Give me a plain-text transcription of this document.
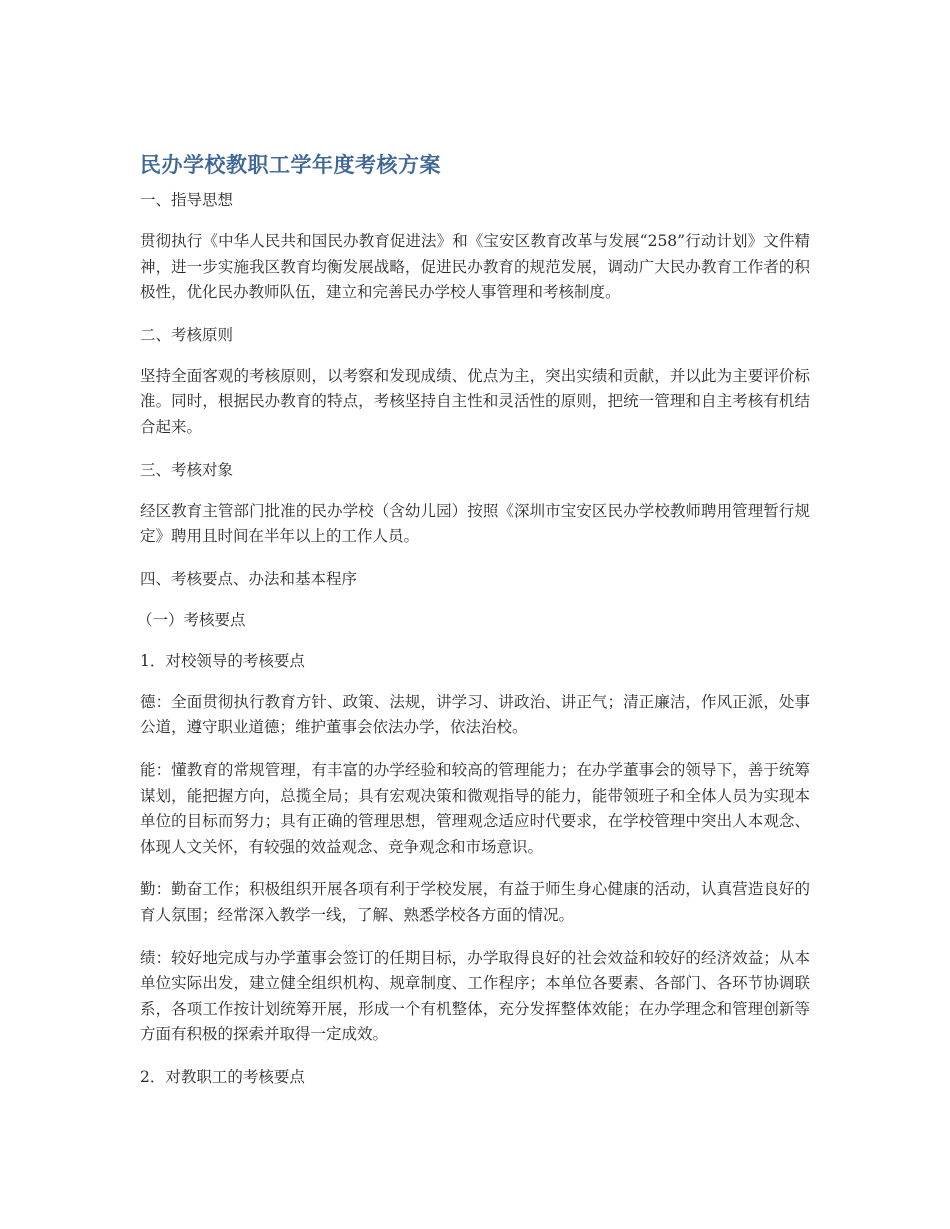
民办学校教职工学年度考核方案
一、指导思想

贯彻执行《中华人民共和国民办教育促进法》和《宝安区教育改革与发展“258”行动计划》文件精神，进一步实施我区教育均衡发展战略，促进民办教育的规范发展，调动广大民办教育工作者的积极性，优化民办教师队伍，建立和完善民办学校人事管理和考核制度。

二、考核原则

坚持全面客观的考核原则，以考察和发现成绩、优点为主，突出实绩和贡献，并以此为主要评价标准。同时，根据民办教育的特点，考核坚持自主性和灵活性的原则，把统一管理和自主考核有机结合起来。

三、考核对象

经区教育主管部门批准的民办学校（含幼儿园）按照《深圳市宝安区民办学校教师聘用管理暂行规定》聘用且时间在半年以上的工作人员。

四、考核要点、办法和基本程序
（一）考核要点
1．对校领导的考核要点

德：全面贯彻执行教育方针、政策、法规，讲学习、讲政治、讲正气；清正廉洁，作风正派，处事公道，遵守职业道德；维护董事会依法办学，依法治校。

能：懂教育的常规管理，有丰富的办学经验和较高的管理能力；在办学董事会的领导下，善于统筹谋划，能把握方向，总揽全局；具有宏观决策和微观指导的能力，能带领班子和全体人员为实现本单位的目标而努力；具有正确的管理思想，管理观念适应时代要求，在学校管理中突出人本观念、体现人文关怀，有较强的效益观念、竞争观念和市场意识。

勤：勤奋工作；积极组织开展各项有利于学校发展，有益于师生身心健康的活动，认真营造良好的育人氛围；经常深入教学一线，了解、熟悉学校各方面的情况。

绩：较好地完成与办学董事会签订的任期目标，办学取得良好的社会效益和较好的经济效益；从本单位实际出发，建立健全组织机构、规章制度、工作程序；本单位各要素、各部门、各环节协调联系，各项工作按计划统筹开展，形成一个有机整体，充分发挥整体效能；在办学理念和管理创新等方面有积极的探索并取得一定成效。

2．对教职工的考核要点
